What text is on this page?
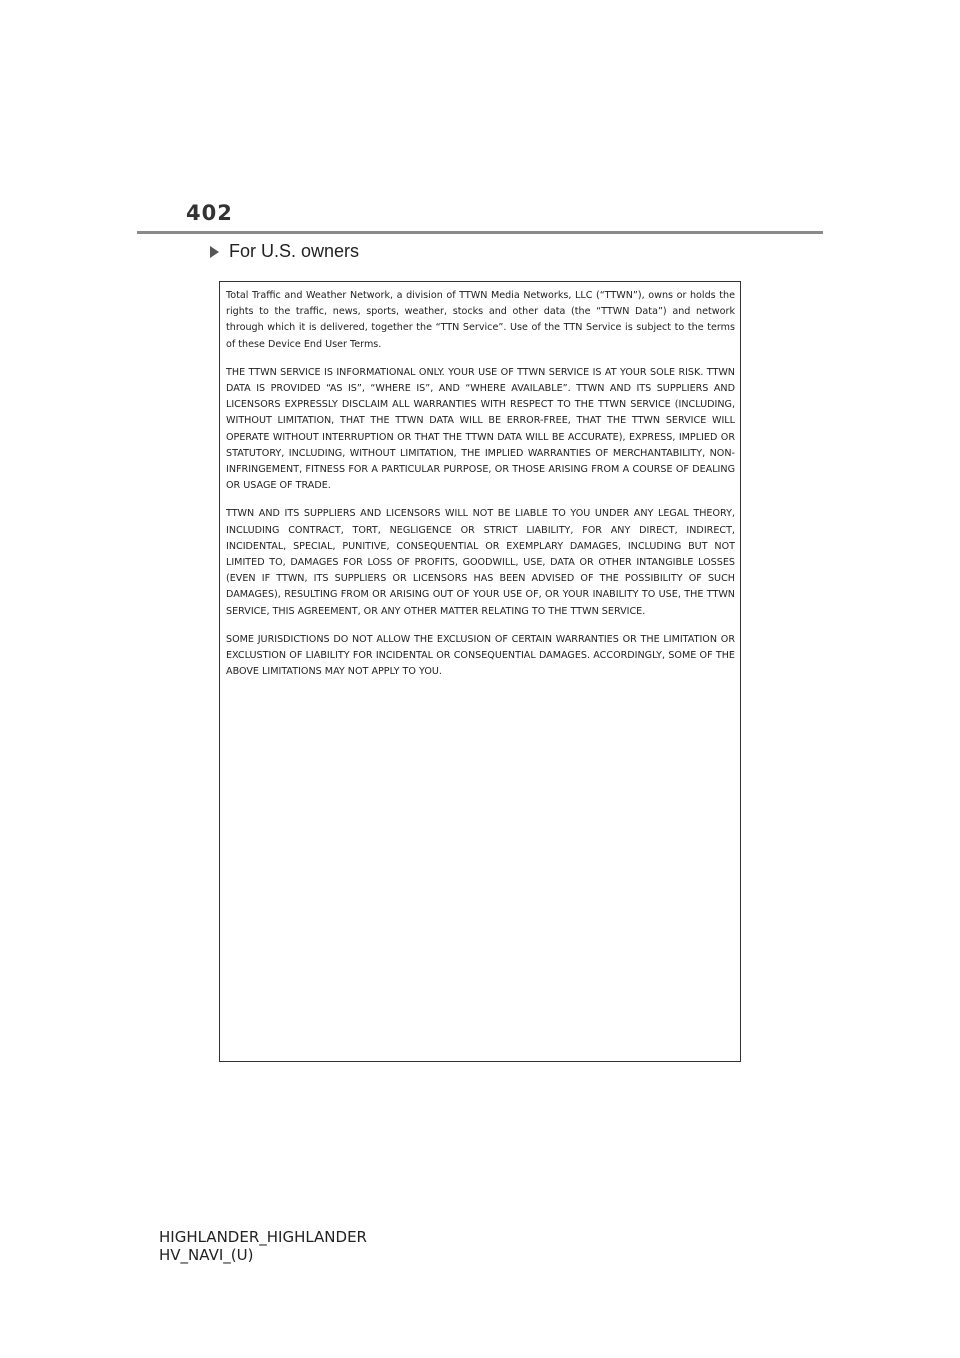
402
For U.S. owners

Total Traffic and Weather Network, a division of TTWN Media Networks, LLC (“TTWN”), owns or holds the rights to the traffic, news, sports, weather, stocks and other data (the “TTWN Data”) and network through which it is delivered, together the “TTN Service”. Use of the TTN Service is subject to the terms of these Device End User Terms.

THE TTWN SERVICE IS INFORMATIONAL ONLY. YOUR USE OF TTWN SERVICE IS AT YOUR SOLE RISK. TTWN DATA IS PROVIDED “AS IS”, “WHERE IS”, AND “WHERE AVAILABLE”. TTWN AND ITS SUPPLIERS AND LICENSORS EXPRESSLY DISCLAIM ALL WARRANTIES WITH RESPECT TO THE TTWN SERVICE (INCLUDING, WITHOUT LIMITATION, THAT THE TTWN DATA WILL BE ERROR-FREE, THAT THE TTWN SERVICE WILL OPERATE WITHOUT INTERRUPTION OR THAT THE TTWN DATA WILL BE ACCURATE), EXPRESS, IMPLIED OR STATUTORY, INCLUDING, WITHOUT LIMITATION, THE IMPLIED WARRANTIES OF MERCHANTABILITY, NON-INFRINGEMENT, FITNESS FOR A PARTICULAR PURPOSE, OR THOSE ARISING FROM A COURSE OF DEALING OR USAGE OF TRADE.

TTWN AND ITS SUPPLIERS AND LICENSORS WILL NOT BE LIABLE TO YOU UNDER ANY LEGAL THEORY, INCLUDING CONTRACT, TORT, NEGLIGENCE OR STRICT LIABILITY, FOR ANY DIRECT, INDIRECT, INCIDENTAL, SPECIAL, PUNITIVE, CONSEQUENTIAL OR EXEMPLARY DAMAGES, INCLUDING BUT NOT LIMITED TO, DAMAGES FOR LOSS OF PROFITS, GOODWILL, USE, DATA OR OTHER INTANGIBLE LOSSES (EVEN IF TTWN, ITS SUPPLIERS OR LICENSORS HAS BEEN ADVISED OF THE POSSIBILITY OF SUCH DAMAGES), RESULTING FROM OR ARISING OUT OF YOUR USE OF, OR YOUR INABILITY TO USE, THE TTWN SERVICE, THIS AGREEMENT, OR ANY OTHER MATTER RELATING TO THE TTWN SERVICE.

SOME JURISDICTIONS DO NOT ALLOW THE EXCLUSION OF CERTAIN WARRANTIES OR THE LIMITATION OR EXCLUSTION OF LIABILITY FOR INCIDENTAL OR CONSEQUENTIAL DAMAGES. ACCORDINGLY, SOME OF THE ABOVE LIMITATIONS MAY NOT APPLY TO YOU.

HIGHLANDER_HIGHLANDER
HV_NAVI_(U)
